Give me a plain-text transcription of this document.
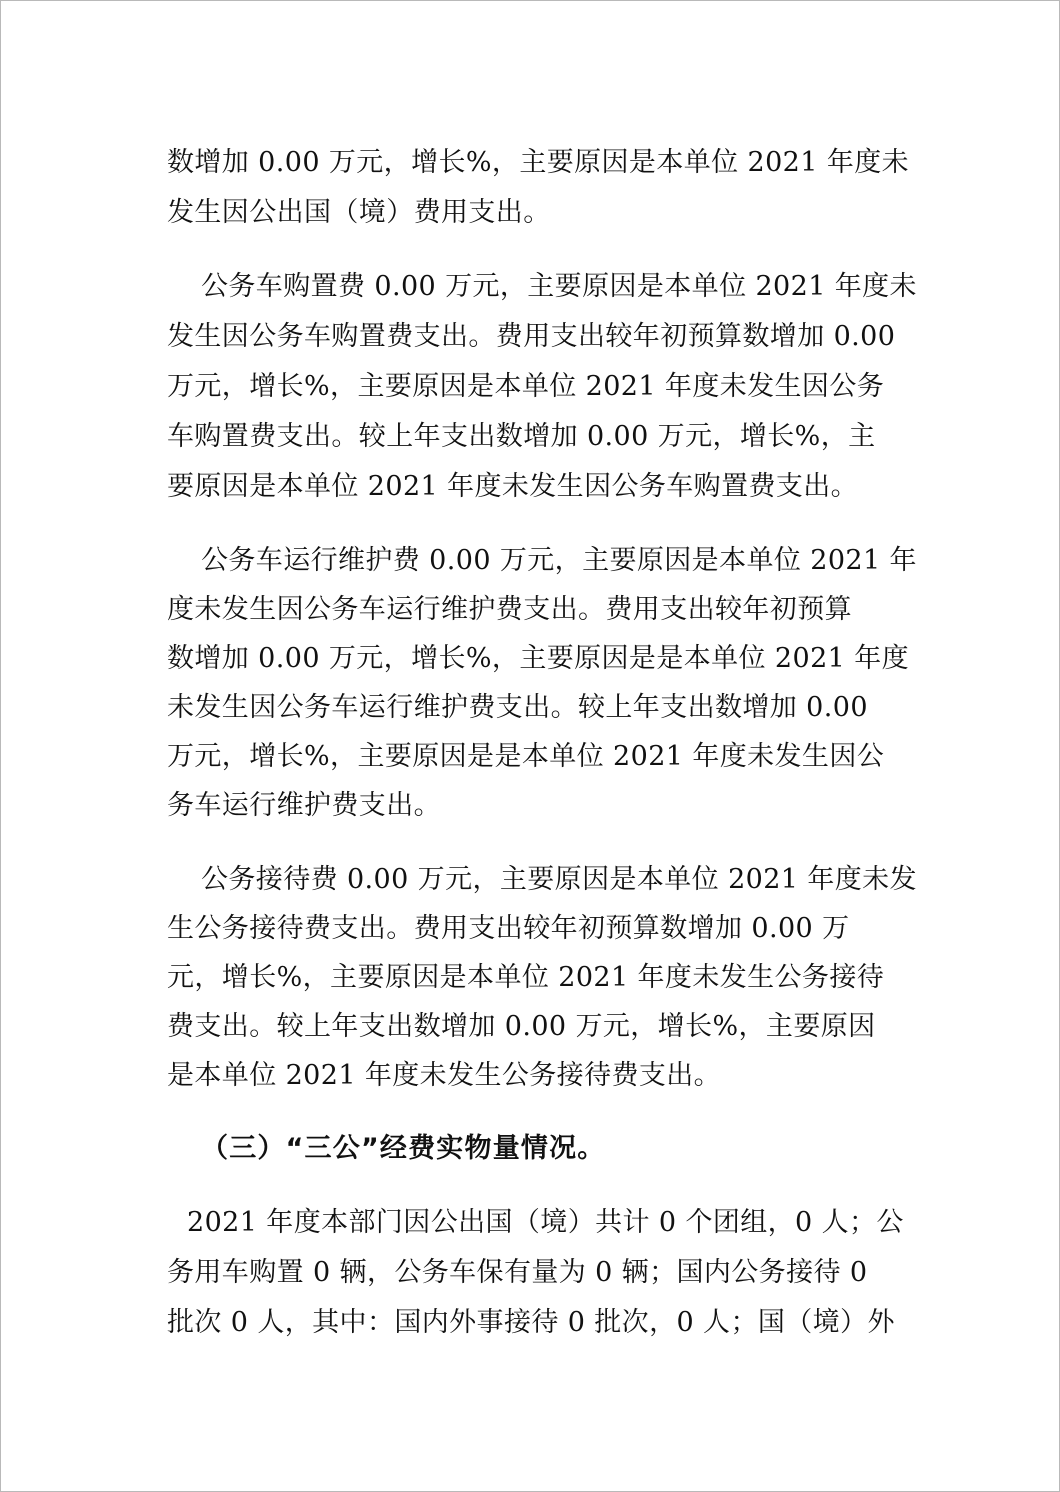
数增加 0.00 万元，增长%，主要原因是本单位 2021 年度未

发生因公出国（境）费用支出。

公务车购置费 0.00 万元，主要原因是本单位 2021 年度未

发生因公务车购置费支出。费用支出较年初预算数增加 0.00

万元，增长%，主要原因是本单位 2021 年度未发生因公务

车购置费支出。较上年支出数增加 0.00 万元，增长%，主

要原因是本单位 2021 年度未发生因公务车购置费支出。

公务车运行维护费 0.00 万元，主要原因是本单位 2021 年

度未发生因公务车运行维护费支出。费用支出较年初预算

数增加 0.00 万元，增长%，主要原因是是本单位 2021 年度

未发生因公务车运行维护费支出。较上年支出数增加 0.00

万元，增长%，主要原因是是本单位 2021 年度未发生因公

务车运行维护费支出。

公务接待费 0.00 万元，主要原因是本单位 2021 年度未发

生公务接待费支出。费用支出较年初预算数增加 0.00 万

元，增长%，主要原因是本单位 2021 年度未发生公务接待

费支出。较上年支出数增加 0.00 万元，增长%，主要原因

是本单位 2021 年度未发生公务接待费支出。

（三）“三公”经费实物量情况。

2021 年度本部门因公出国（境）共计 0 个团组，0 人；公

务用车购置 0 辆，公务车保有量为 0 辆；国内公务接待 0

批次 0 人，其中：国内外事接待 0 批次，0 人；国（境）外
